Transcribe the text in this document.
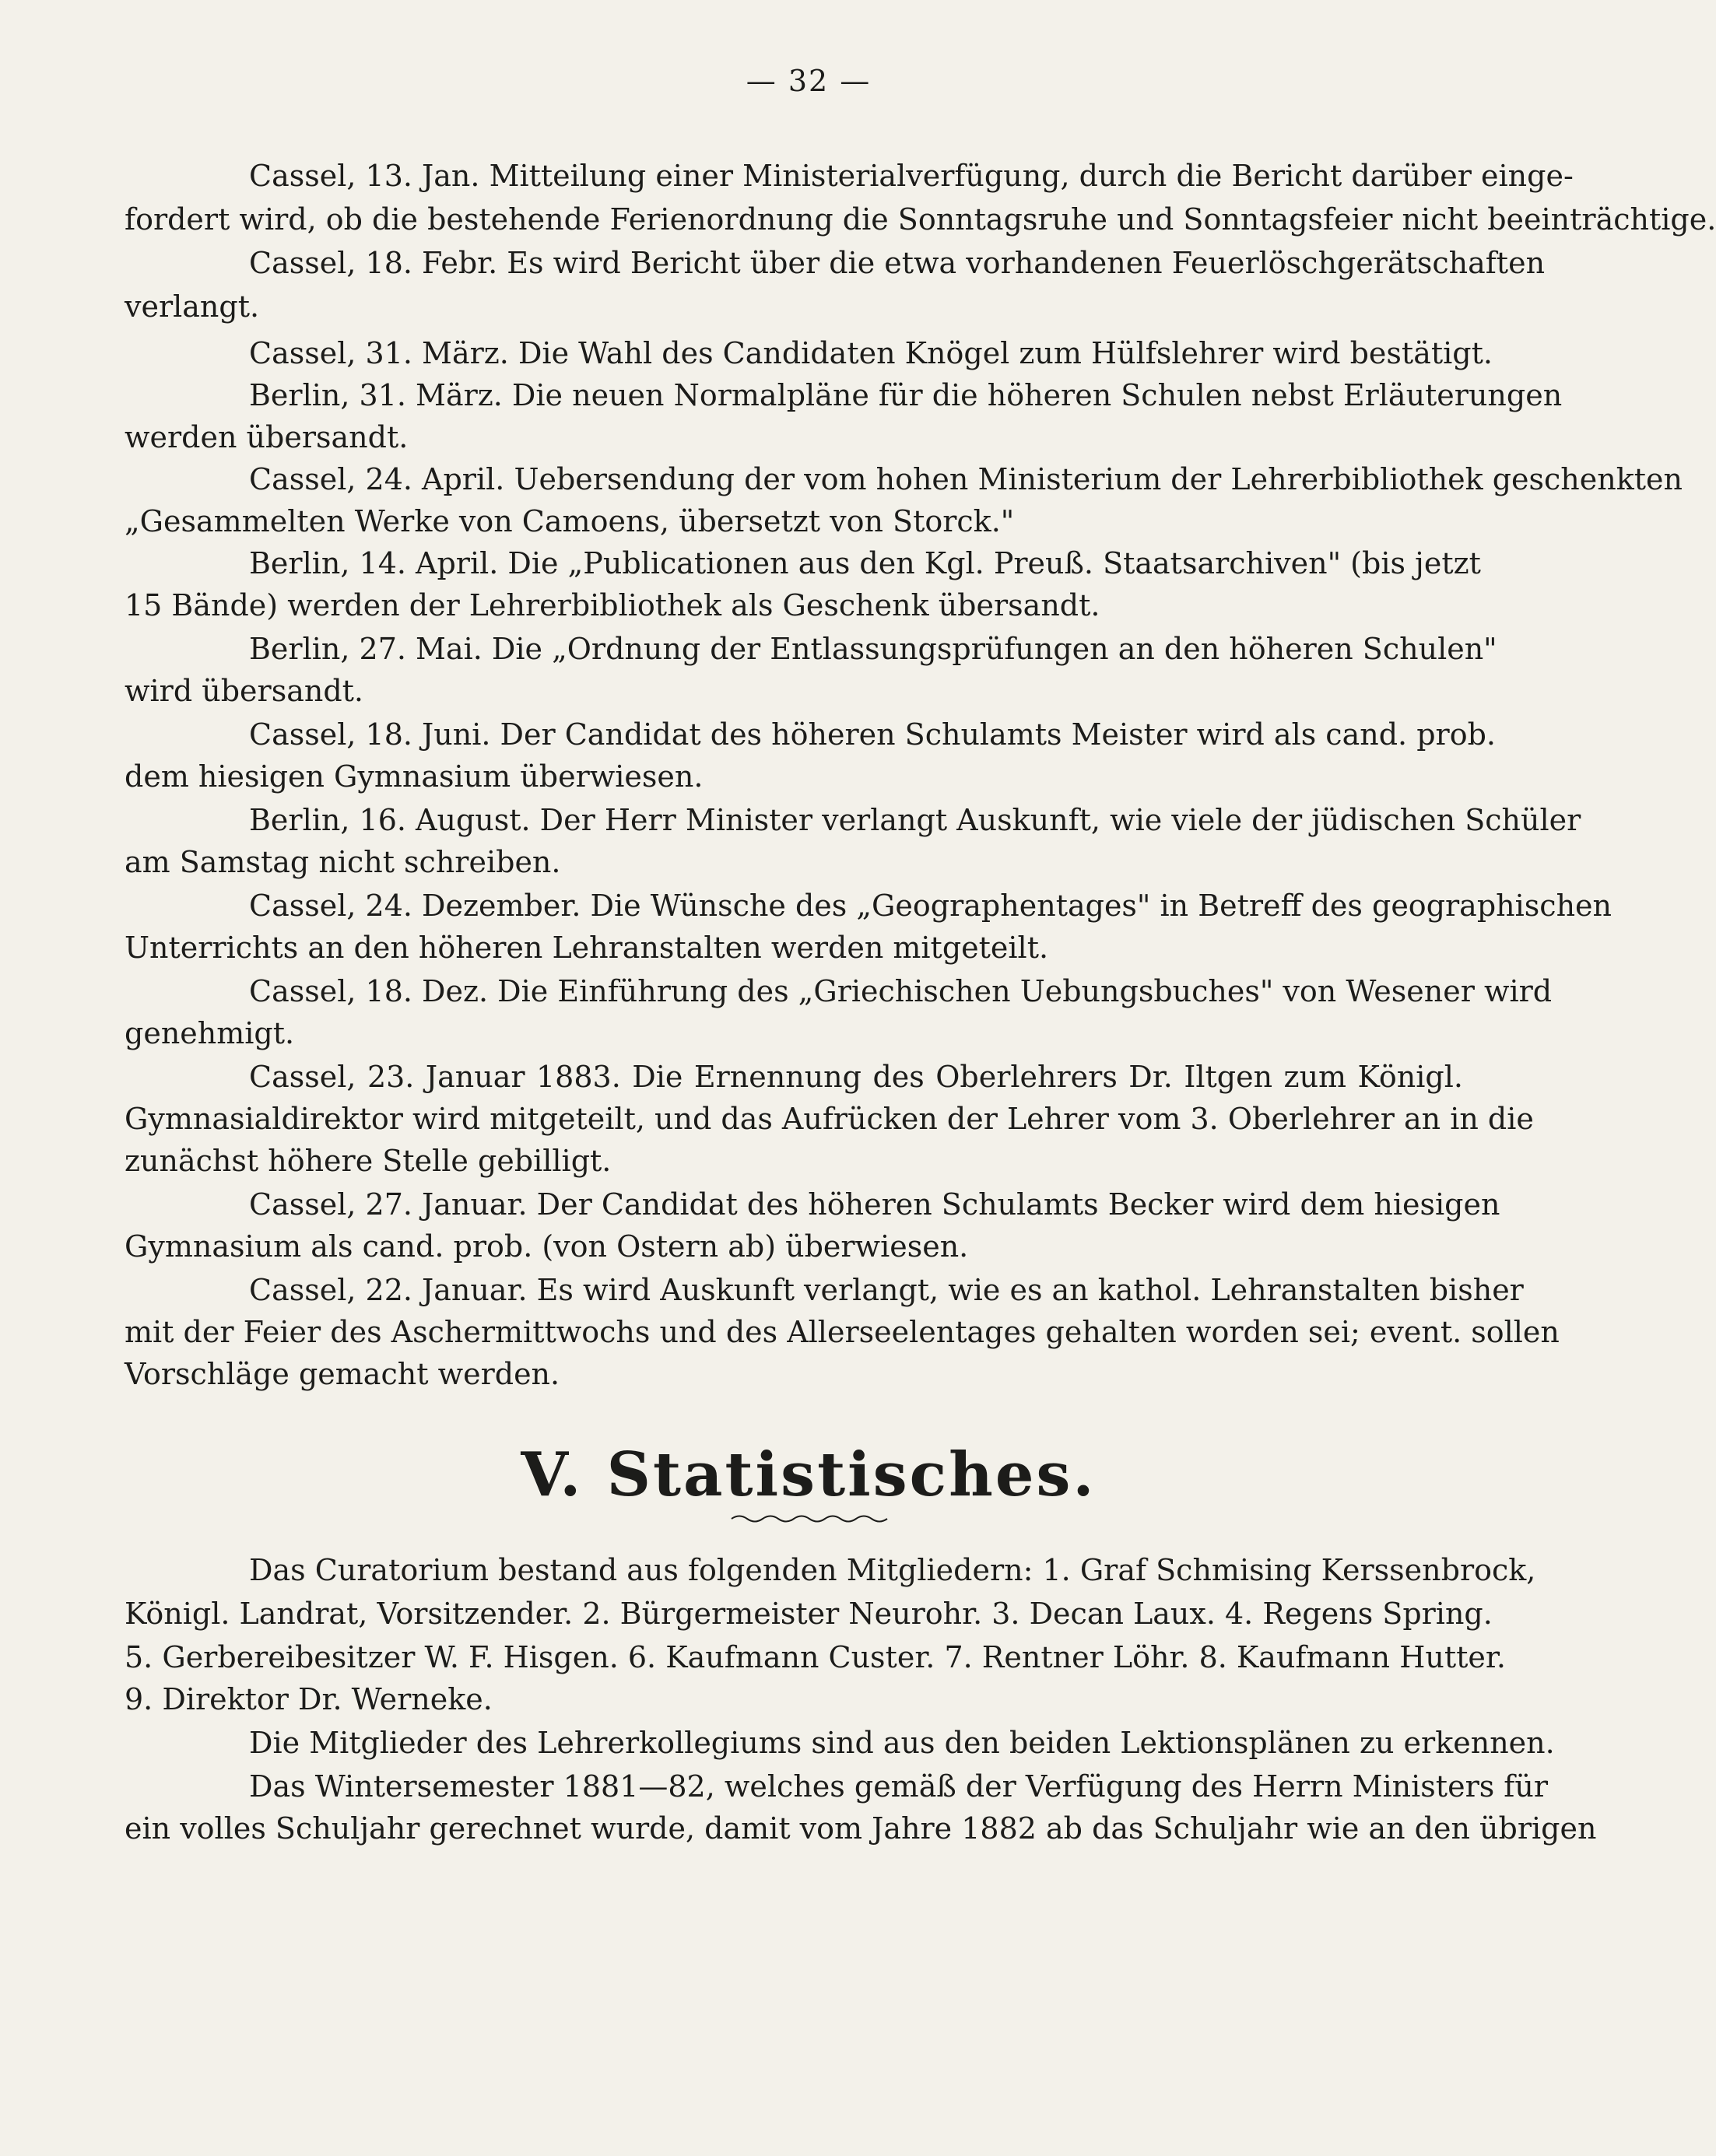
— 32 —
Cassel, 13. Jan. Mitteilung einer Ministerialverfügung, durch die Bericht darüber einge-
fordert wird, ob die bestehende Ferienordnung die Sonntagsruhe und Sonntagsfeier nicht beeinträchtige.
Cassel, 18. Febr. Es wird Bericht über die etwa vorhandenen Feuerlöschgerätschaften
verlangt.
Cassel, 31. März. Die Wahl des Candidaten Knögel zum Hülfslehrer wird bestätigt.
Berlin, 31. März. Die neuen Normalpläne für die höheren Schulen nebst Erläuterungen
werden übersandt.
Cassel, 24. April. Uebersendung der vom hohen Ministerium der Lehrerbibliothek geschenkten
„Gesammelten Werke von Camoens, übersetzt von Storck."
Berlin, 14. April. Die „Publicationen aus den Kgl. Preuß. Staatsarchiven" (bis jetzt
15 Bände) werden der Lehrerbibliothek als Geschenk übersandt.
Berlin, 27. Mai. Die „Ordnung der Entlassungsprüfungen an den höheren Schulen"
wird übersandt.
Cassel, 18. Juni. Der Candidat des höheren Schulamts Meister wird als cand. prob.
dem hiesigen Gymnasium überwiesen.
Berlin, 16. August. Der Herr Minister verlangt Auskunft, wie viele der jüdischen Schüler
am Samstag nicht schreiben.
Cassel, 24. Dezember. Die Wünsche des „Geographentages" in Betreff des geographischen
Unterrichts an den höheren Lehranstalten werden mitgeteilt.
Cassel, 18. Dez. Die Einführung des „Griechischen Uebungsbuches" von Wesener wird
genehmigt.
Cassel, 23. Januar 1883. Die Ernennung des Oberlehrers Dr. Iltgen zum Königl.
Gymnasialdirektor wird mitgeteilt, und das Aufrücken der Lehrer vom 3. Oberlehrer an in die
zunächst höhere Stelle gebilligt.
Cassel, 27. Januar. Der Candidat des höheren Schulamts Becker wird dem hiesigen
Gymnasium als cand. prob. (von Ostern ab) überwiesen.
Cassel, 22. Januar. Es wird Auskunft verlangt, wie es an kathol. Lehranstalten bisher
mit der Feier des Aschermittwochs und des Allerseelentages gehalten worden sei; event. sollen
Vorschläge gemacht werden.
V. Statistisches.
Das Curatorium bestand aus folgenden Mitgliedern: 1. Graf Schmising Kerssenbrock,
Königl. Landrat, Vorsitzender. 2. Bürgermeister Neurohr. 3. Decan Laux. 4. Regens Spring.
5. Gerbereibesitzer W. F. Hisgen. 6. Kaufmann Custer. 7. Rentner Löhr. 8. Kaufmann Hutter.
9. Direktor Dr. Werneke.
Die Mitglieder des Lehrerkollegiums sind aus den beiden Lektionsplänen zu erkennen.
Das Wintersemester 1881—82, welches gemäß der Verfügung des Herrn Ministers für
ein volles Schuljahr gerechnet wurde, damit vom Jahre 1882 ab das Schuljahr wie an den übrigen
